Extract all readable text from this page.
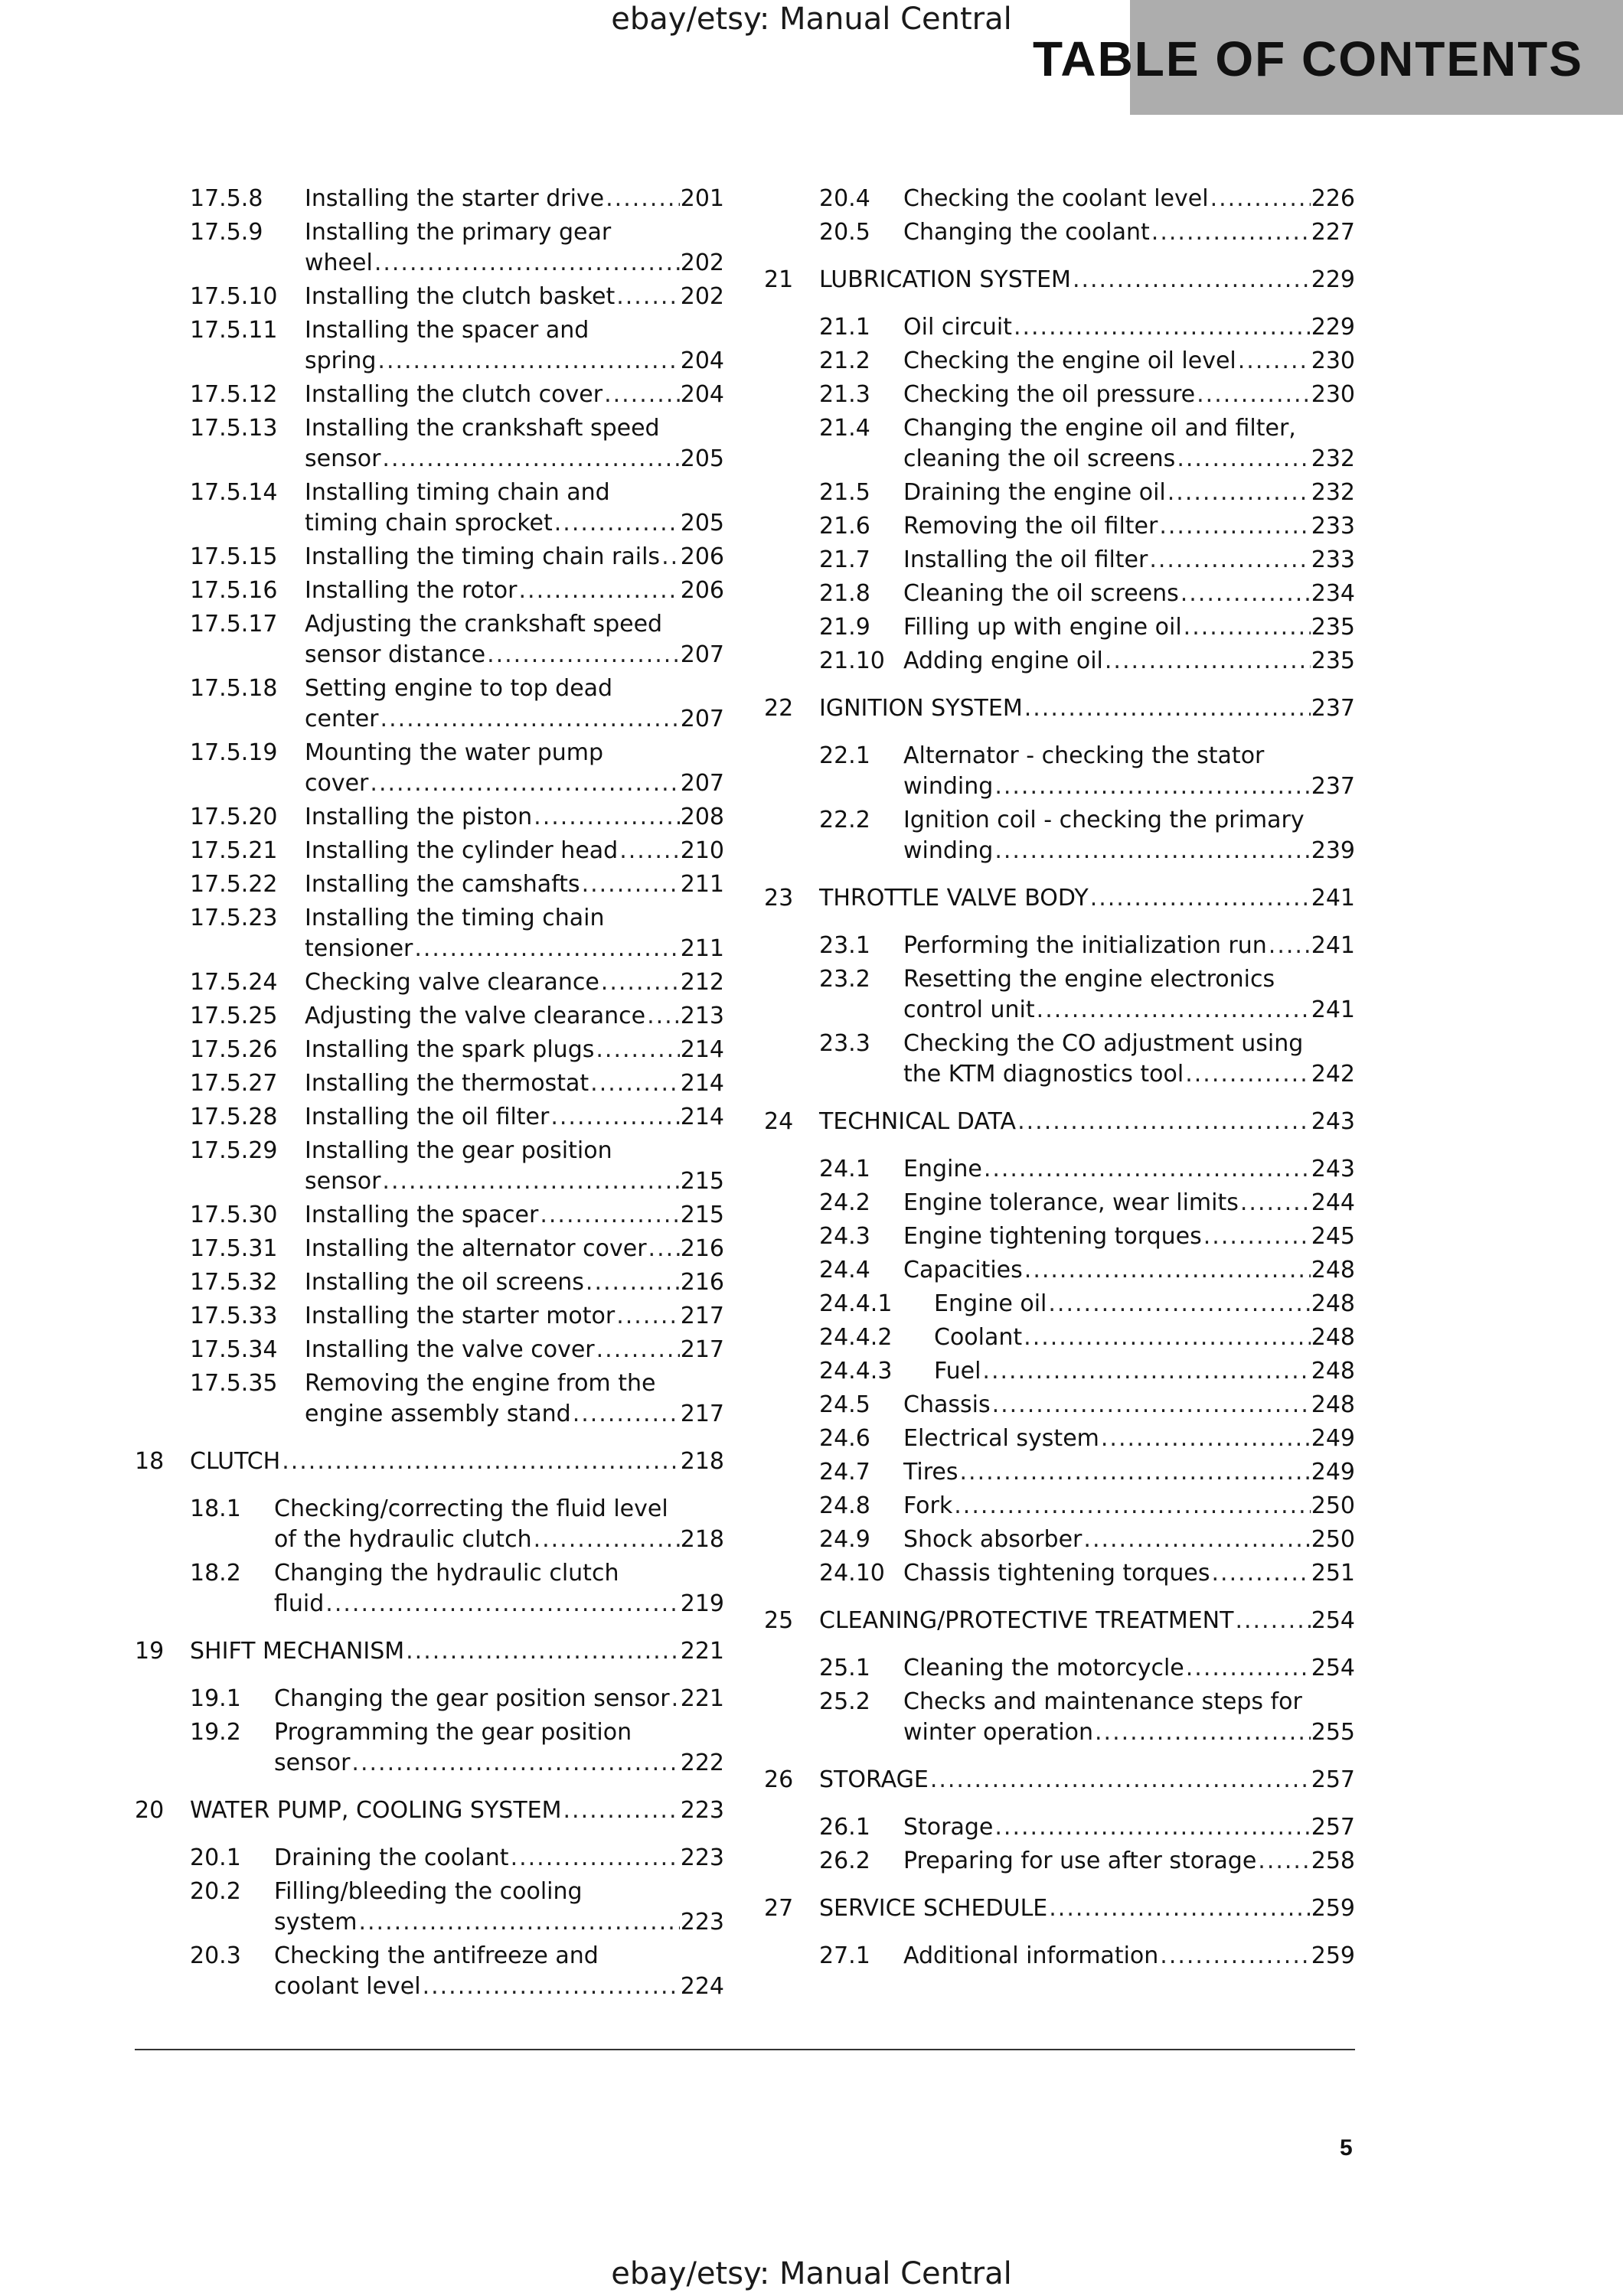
ebay/etsy: Manual Central
TABLE OF CONTENTS
17.5.8	Installing the starter drive .....	201
17.5.9	Installing the primary gear
wheel .....	202
17.5.10	Installing the clutch basket .....	202
17.5.11	Installing the spacer and
spring .....	204
17.5.12	Installing the clutch cover .....	204
17.5.13	Installing the crankshaft speed
sensor .....	205
17.5.14	Installing timing chain and
timing chain sprocket .....	205
17.5.15	Installing the timing chain rails ..... 206
17.5.16	Installing the rotor .....	206
17.5.17	Adjusting the crankshaft speed
sensor distance .....	207
17.5.18	Setting engine to top dead
center .....	207
17.5.19	Mounting the water pump
cover .....	207
17.5.20	Installing the piston .....	208
17.5.21	Installing the cylinder head .....	210
17.5.22	Installing the camshafts .....	211
17.5.23	Installing the timing chain
tensioner .....	211
17.5.24	Checking valve clearance .....	212
17.5.25	Adjusting the valve clearance ..... 213
17.5.26	Installing the spark plugs .....	214
17.5.27	Installing the thermostat .....	214
17.5.28	Installing the oil filter .....	214
17.5.29	Installing the gear position
sensor .....	215
17.5.30	Installing the spacer .....	215
17.5.31	Installing the alternator cover ..... 216
17.5.32	Installing the oil screens .....	216
17.5.33	Installing the starter motor .....	217
17.5.34	Installing the valve cover .....	217
17.5.35	Removing the engine from the
engine assembly stand .....	217
18	CLUTCH .....	218
18.1	Checking/correcting the fluid level
of the hydraulic clutch .....	218
18.2	Changing the hydraulic clutch
fluid .....	219
19	SHIFT MECHANISM .....	221
19.1	Changing the gear position sensor ..... 221
19.2	Programming the gear position
sensor .....	222
20	WATER PUMP, COOLING SYSTEM .....	223
20.1	Draining the coolant .....	223
20.2	Filling/bleeding the cooling
system .....	223
20.3	Checking the antifreeze and
coolant level .....	224
20.4	Checking the coolant level .....	226
20.5	Changing the coolant .....	227
21	LUBRICATION SYSTEM .....	229
21.1	Oil circuit .....	229
21.2	Checking the engine oil level .....	230
21.3	Checking the oil pressure .....	230
21.4	Changing the engine oil and filter,
cleaning the oil screens .....	232
21.5	Draining the engine oil .....	232
21.6	Removing the oil filter .....	233
21.7	Installing the oil filter .....	233
21.8	Cleaning the oil screens .....	234
21.9	Filling up with engine oil .....	235
21.10 Adding engine oil .....	235
22	IGNITION SYSTEM .....	237
22.1	Alternator - checking the stator
winding .....	237
22.2	Ignition coil - checking the primary
winding .....	239
23	THROTTLE VALVE BODY .....	241
23.1	Performing the initialization run ..... 241
23.2	Resetting the engine electronics
control unit .....	241
23.3	Checking the CO adjustment using
the KTM diagnostics tool .....	242
24	TECHNICAL DATA .....	243
24.1	Engine .....	243
24.2	Engine tolerance, wear limits .....	244
24.3	Engine tightening torques .....	245
24.4	Capacities .....	248
24.4.1	Engine oil .....	248
24.4.2	Coolant .....	248
24.4.3	Fuel .....	248
24.5	Chassis .....	248
24.6	Electrical system .....	249
24.7	Tires .....	249
24.8	Fork .....	250
24.9	Shock absorber .....	250
24.10 Chassis tightening torques .....	251
25	CLEANING/PROTECTIVE TREATMENT .....	254
25.1	Cleaning the motorcycle .....	254
25.2	Checks and maintenance steps for
winter operation .....	255
26	STORAGE .....	257
26.1	Storage .....	257
26.2	Preparing for use after storage ..... 258
27	SERVICE SCHEDULE .....	259
27.1	Additional information .....	259
5
ebay/etsy: Manual Central
